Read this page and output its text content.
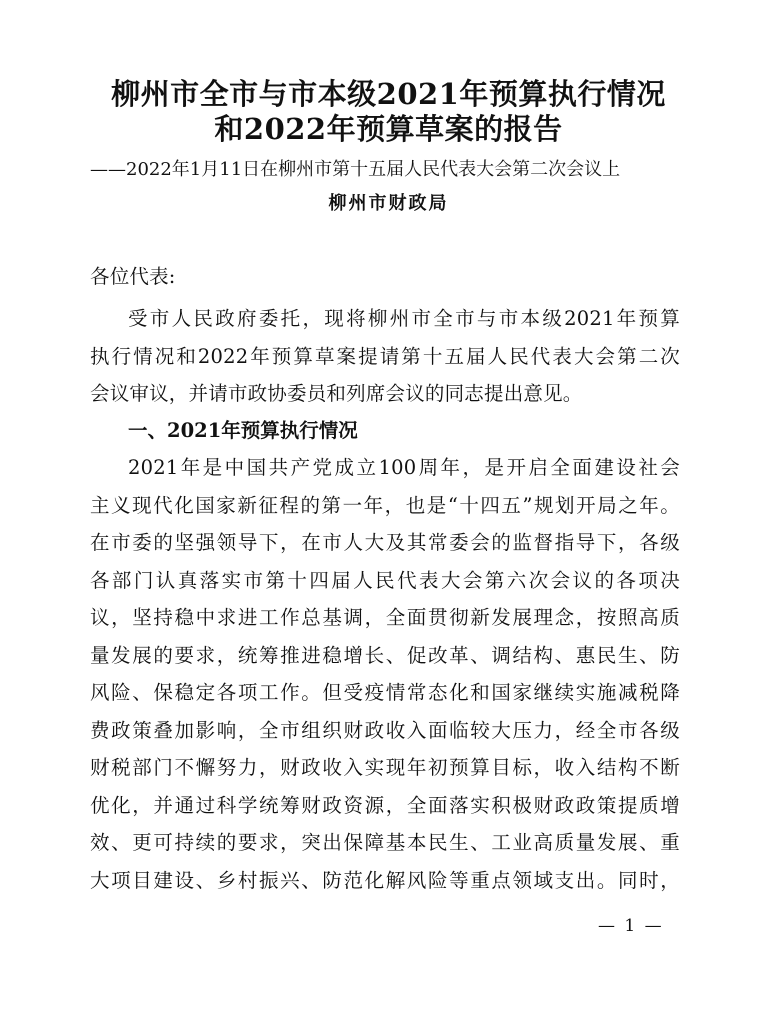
柳州市全市与市本级2021年预算执行情况
和2022年预算草案的报告
——2022年1月11日在柳州市第十五届人民代表大会第二次会议上
柳州市财政局
各位代表:
受市人民政府委托，现将柳州市全市与市本级2021年预算
执行情况和2022年预算草案提请第十五届人民代表大会第二次
会议审议，并请市政协委员和列席会议的同志提出意见。
一、2021年预算执行情况
2021年是中国共产党成立100周年，是开启全面建设社会
主义现代化国家新征程的第一年，也是“十四五”规划开局之年。
在市委的坚强领导下，在市人大及其常委会的监督指导下，各级
各部门认真落实市第十四届人民代表大会第六次会议的各项决
议，坚持稳中求进工作总基调，全面贯彻新发展理念，按照高质
量发展的要求，统筹推进稳增长、促改革、调结构、惠民生、防
风险、保稳定各项工作。但受疫情常态化和国家继续实施减税降
费政策叠加影响，全市组织财政收入面临较大压力，经全市各级
财税部门不懈努力，财政收入实现年初预算目标，收入结构不断
优化，并通过科学统筹财政资源，全面落实积极财政政策提质增
效、更可持续的要求，突出保障基本民生、工业高质量发展、重
大项目建设、乡村振兴、防范化解风险等重点领域支出。同时，
— 1 —
